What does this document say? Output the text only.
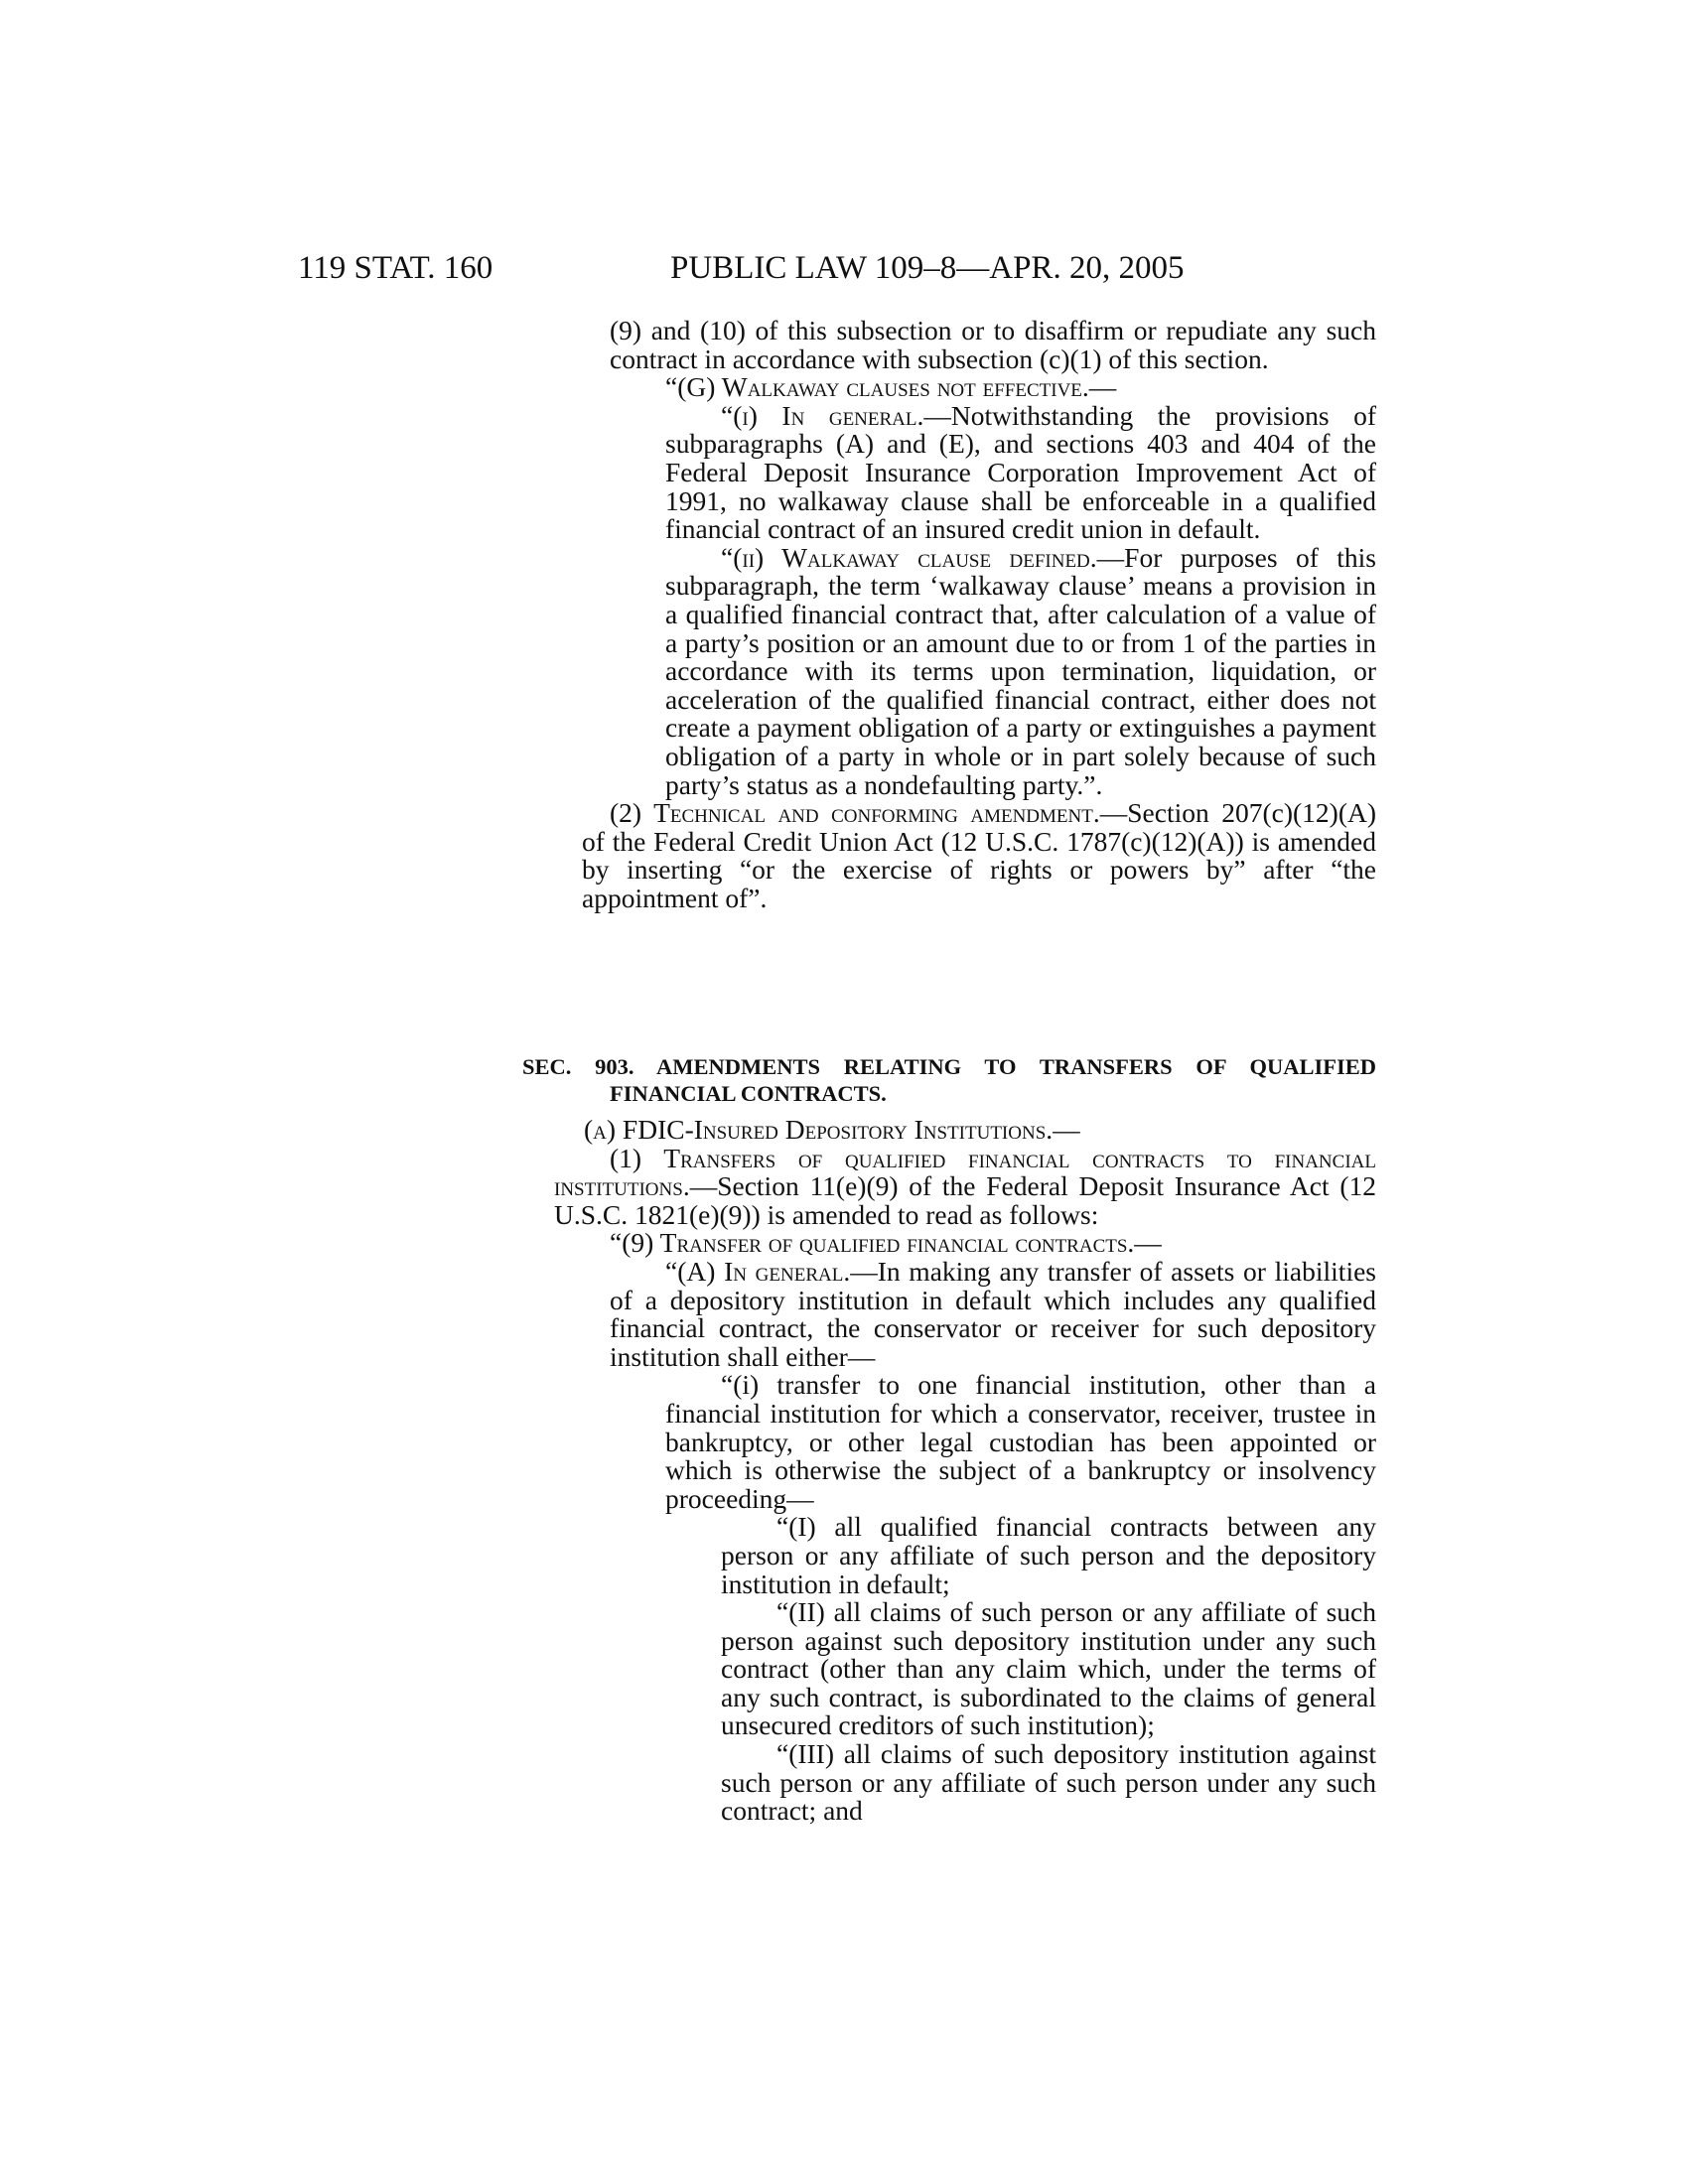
119 STAT. 160	PUBLIC LAW 109–8—APR. 20, 2005

(9) and (10) of this subsection or to disaffirm or repudiate any such contract in accordance with subsection (c)(1) of this section.

“(G) Walkaway clauses not effective.—

“(i) In general.—Notwithstanding the provisions of subparagraphs (A) and (E), and sections 403 and 404 of the Federal Deposit Insurance Corporation Improvement Act of 1991, no walkaway clause shall be enforceable in a qualified financial contract of an insured credit union in default.

“(ii) Walkaway clause defined.—For purposes of this subparagraph, the term ‘walkaway clause’ means a provision in a qualified financial contract that, after calculation of a value of a party’s position or an amount due to or from 1 of the parties in accordance with its terms upon termination, liquidation, or acceleration of the qualified financial contract, either does not create a payment obligation of a party or extinguishes a payment obligation of a party in whole or in part solely because of such party’s status as a nondefaulting party.”.

(2) Technical and conforming amendment.—Section 207(c)(12)(A) of the Federal Credit Union Act (12 U.S.C. 1787(c)(12)(A)) is amended by inserting “or the exercise of rights or powers by” after “the appointment of”.

SEC. 903. AMENDMENTS RELATING TO TRANSFERS OF QUALIFIED
FINANCIAL CONTRACTS.

(a) FDIC-Insured Depository Institutions.—

(1) Transfers of qualified financial contracts to financial institutions.—Section 11(e)(9) of the Federal Deposit Insurance Act (12 U.S.C. 1821(e)(9)) is amended to read as follows:

“(9) Transfer of qualified financial contracts.—

“(A) In general.—In making any transfer of assets or liabilities of a depository institution in default which includes any qualified financial contract, the conservator or receiver for such depository institution shall either—

“(i) transfer to one financial institution, other than a financial institution for which a conservator, receiver, trustee in bankruptcy, or other legal custodian has been appointed or which is otherwise the subject of a bankruptcy or insolvency proceeding—

“(I) all qualified financial contracts between any person or any affiliate of such person and the depository institution in default;

“(II) all claims of such person or any affiliate of such person against such depository institution under any such contract (other than any claim which, under the terms of any such contract, is subordinated to the claims of general unsecured creditors of such institution);

“(III) all claims of such depository institution against such person or any affiliate of such person under any such contract; and
